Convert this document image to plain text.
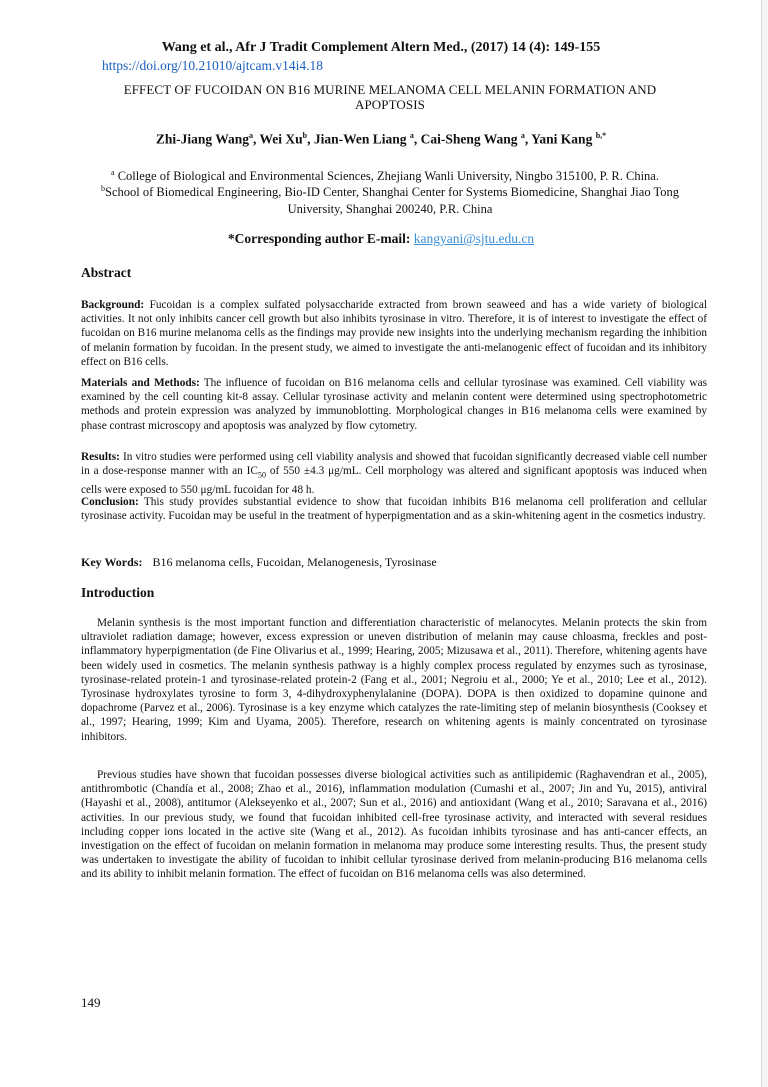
Wang et al., Afr J Tradit Complement Altern Med., (2017) 14 (4): 149-155
https://doi.org/10.21010/ajtcam.v14i4.18
EFFECT OF FUCOIDAN ON B16 MURINE MELANOMA CELL MELANIN FORMATION AND APOPTOSIS
Zhi-Jiang Wang$^a$, Wei Xu$^b$, Jian-Wen Liang $^a$, Cai-Sheng Wang $^a$, Yani Kang $^{b,*}$
$^a$ College of Biological and Environmental Sciences, Zhejiang Wanli University, Ningbo 315100, P. R. China.
$^b$School of Biomedical Engineering, Bio-ID Center, Shanghai Center for Systems Biomedicine, Shanghai Jiao Tong University, Shanghai 200240, P.R. China
*Corresponding author E-mail: kangyani@sjtu.edu.cn
Abstract
Background: Fucoidan is a complex sulfated polysaccharide extracted from brown seaweed and has a wide variety of biological activities. It not only inhibits cancer cell growth but also inhibits tyrosinase in vitro. Therefore, it is of interest to investigate the effect of fucoidan on B16 murine melanoma cells as the findings may provide new insights into the underlying mechanism regarding the inhibition of melanin formation by fucoidan. In the present study, we aimed to investigate the anti-melanogenic effect of fucoidan and its inhibitory effect on B16 cells.
Materials and Methods: The influence of fucoidan on B16 melanoma cells and cellular tyrosinase was examined. Cell viability was examined by the cell counting kit-8 assay. Cellular tyrosinase activity and melanin content were determined using spectrophotometric methods and protein expression was analyzed by immunoblotting. Morphological changes in B16 melanoma cells were examined by phase contrast microscopy and apoptosis was analyzed by flow cytometry.
Results: In vitro studies were performed using cell viability analysis and showed that fucoidan significantly decreased viable cell number in a dose-response manner with an $IC_{50}$ of 550 ±4.3 μg/mL. Cell morphology was altered and significant apoptosis was induced when cells were exposed to 550 μg/mL fucoidan for 48 h.
Conclusion: This study provides substantial evidence to show that fucoidan inhibits B16 melanoma cell proliferation and cellular tyrosinase activity. Fucoidan may be useful in the treatment of hyperpigmentation and as a skin-whitening agent in the cosmetics industry.
Key Words: B16 melanoma cells, Fucoidan, Melanogenesis, Tyrosinase
Introduction
Melanin synthesis is the most important function and differentiation characteristic of melanocytes. Melanin protects the skin from ultraviolet radiation damage; however, excess expression or uneven distribution of melanin may cause chloasma, freckles and post-inflammatory hyperpigmentation (de Fine Olivarius et al., 1999; Hearing, 2005; Mizusawa et al., 2011). Therefore, whitening agents have been widely used in cosmetics. The melanin synthesis pathway is a highly complex process regulated by enzymes such as tyrosinase, tyrosinase-related protein-1 and tyrosinase-related protein-2 (Fang et al., 2001; Negroiu et al., 2000; Ye et al., 2010; Lee et al., 2012). Tyrosinase hydroxylates tyrosine to form 3, 4-dihydroxyphenylalanine (DOPA). DOPA is then oxidized to dopamine quinone and dopachrome (Parvez et al., 2006). Tyrosinase is a key enzyme which catalyzes the rate-limiting step of melanin biosynthesis (Cooksey et al., 1997; Hearing, 1999; Kim and Uyama, 2005). Therefore, research on whitening agents is mainly concentrated on tyrosinase inhibitors.
Previous studies have shown that fucoidan possesses diverse biological activities such as antilipidemic (Raghavendran et al., 2005), antithrombotic (Chandía et al., 2008; Zhao et al., 2016), inflammation modulation (Cumashi et al., 2007; Jin and Yu, 2015), antiviral (Hayashi et al., 2008), antitumor (Alekseyenko et al., 2007; Sun et al., 2016) and antioxidant (Wang et al., 2010; Saravana et al., 2016) activities. In our previous study, we found that fucoidan inhibited cell-free tyrosinase activity, and interacted with several residues including copper ions located in the active site (Wang et al., 2012). As fucoidan inhibits tyrosinase and has anti-cancer effects, an investigation on the effect of fucoidan on melanin formation in melanoma may produce some interesting results. Thus, the present study was undertaken to investigate the ability of fucoidan to inhibit cellular tyrosinase derived from melanin-producing B16 melanoma cells and its ability to inhibit melanin formation. The effect of fucoidan on B16 melanoma cells was also determined.
149
